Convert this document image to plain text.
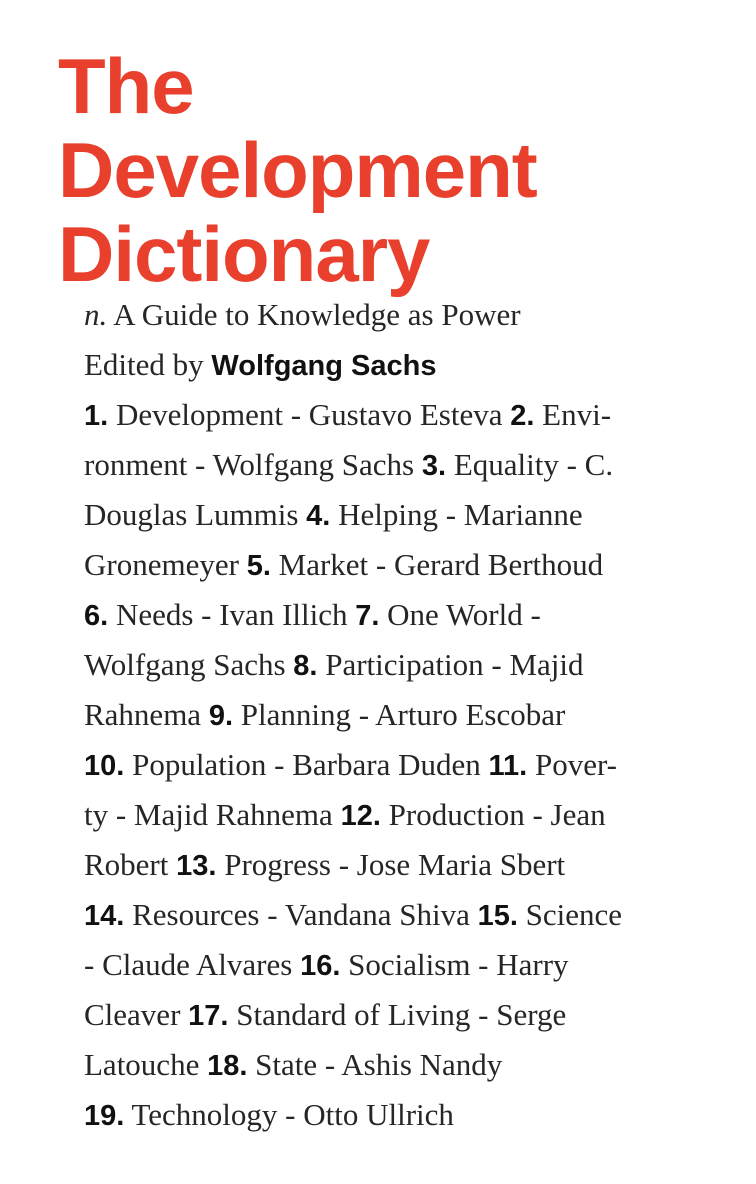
The
Development
Dictionary
n. A Guide to Knowledge as Power
Edited by Wolfgang Sachs
1. Development - Gustavo Esteva 2. Envi-
ronment - Wolfgang Sachs 3. Equality - C.
Douglas Lummis 4. Helping - Marianne
Gronemeyer 5. Market - Gerard Berthoud
6. Needs - Ivan Illich 7. One World -
Wolfgang Sachs 8. Participation - Majid
Rahnema 9. Planning - Arturo Escobar
10. Population - Barbara Duden 11. Pover-
ty - Majid Rahnema 12. Production - Jean
Robert 13. Progress - Jose Maria Sbert
14. Resources - Vandana Shiva 15. Science
- Claude Alvares 16. Socialism - Harry
Cleaver 17. Standard of Living - Serge
Latouche 18. State - Ashis Nandy
19. Technology - Otto Ullrich
